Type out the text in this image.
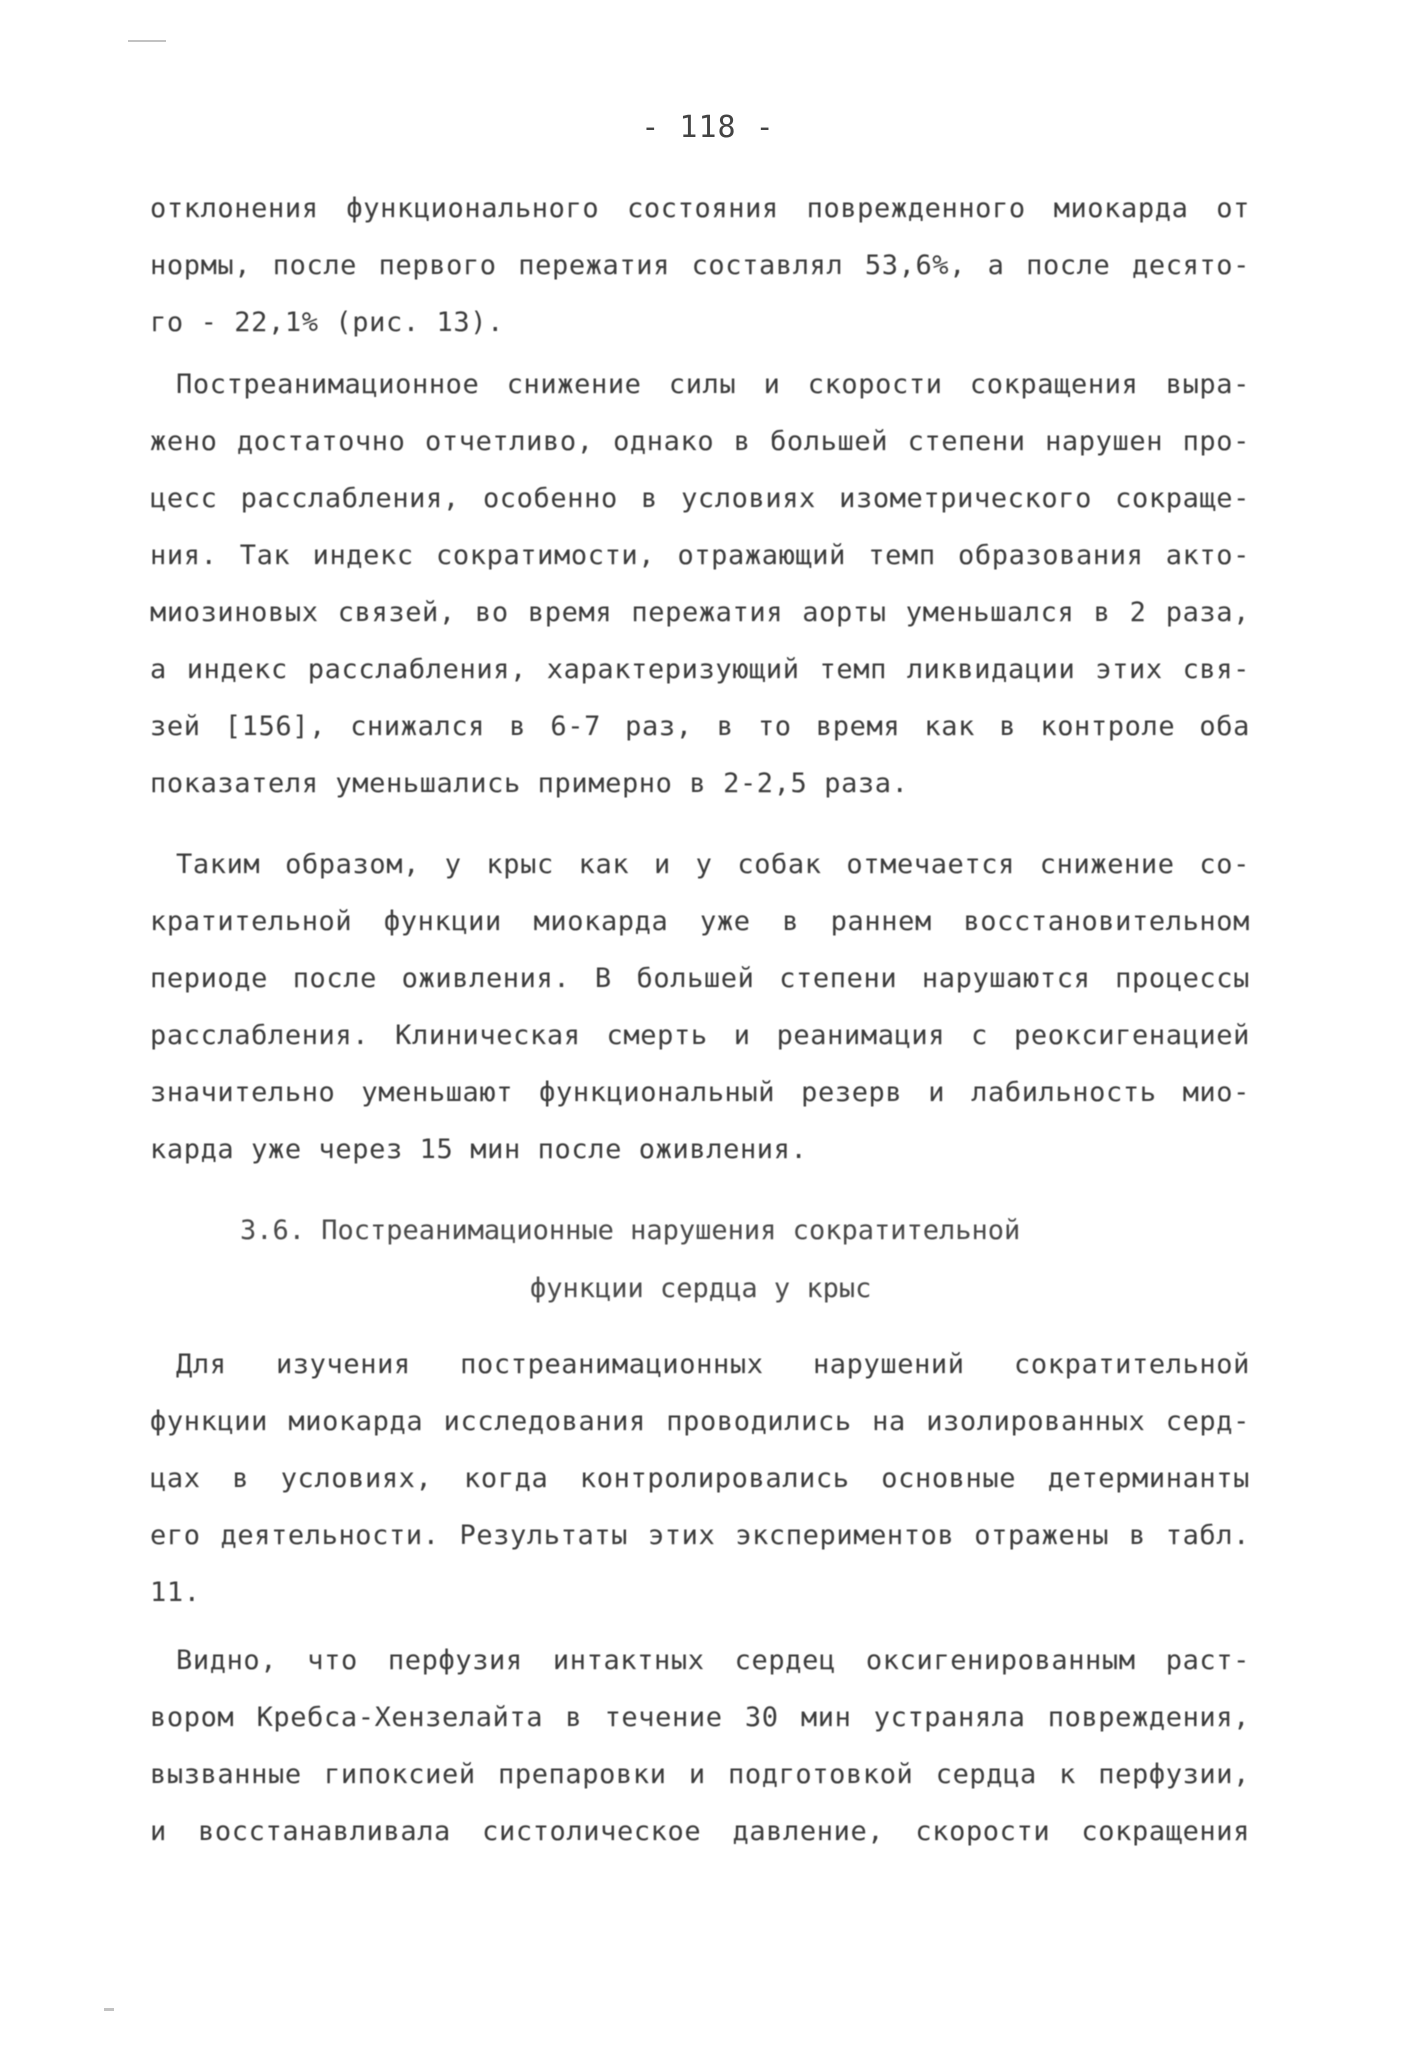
- 118 -
отклонения функционального состояния поврежденного миокарда от
нормы, после первого пережатия составлял 53,6%, а после десято-
го - 22,1% (рис. 13).
Постреанимационное снижение силы и скорости сокращения выра-
жено достаточно отчетливо, однако в большей степени нарушен про-
цесс расслабления, особенно в условиях изометрического сокраще-
ния. Так индекс сократимости, отражающий темп образования акто-
миозиновых связей, во время пережатия аорты уменьшался в 2 раза,
а индекс расслабления, характеризующий темп ликвидации этих свя-
зей [156], снижался в 6-7 раз, в то время как в контроле оба
показателя уменьшались примерно в 2-2,5 раза.
Таким образом, у крыс как и у собак отмечается снижение со-
кратительной функции миокарда уже в раннем восстановительном
периоде после оживления. В большей степени нарушаются процессы
расслабления. Клиническая смерть и реанимация с реоксигенацией
значительно уменьшают функциональный резерв и лабильность мио-
карда уже через 15 мин после оживления.
3.6. Постреанимационные нарушения сократительной
функции сердца у крыс
Для изучения постреанимационных нарушений сократительной
функции миокарда исследования проводились на изолированных серд-
цах в условиях, когда контролировались основные детерминанты
его деятельности. Результаты этих экспериментов отражены в табл.
11.
Видно, что перфузия интактных сердец оксигенированным раст-
вором Кребса-Хензелайта в течение 30 мин устраняла повреждения,
вызванные гипоксией препаровки и подготовкой сердца к перфузии,
и восстанавливала систолическое давление, скорости сокращения
